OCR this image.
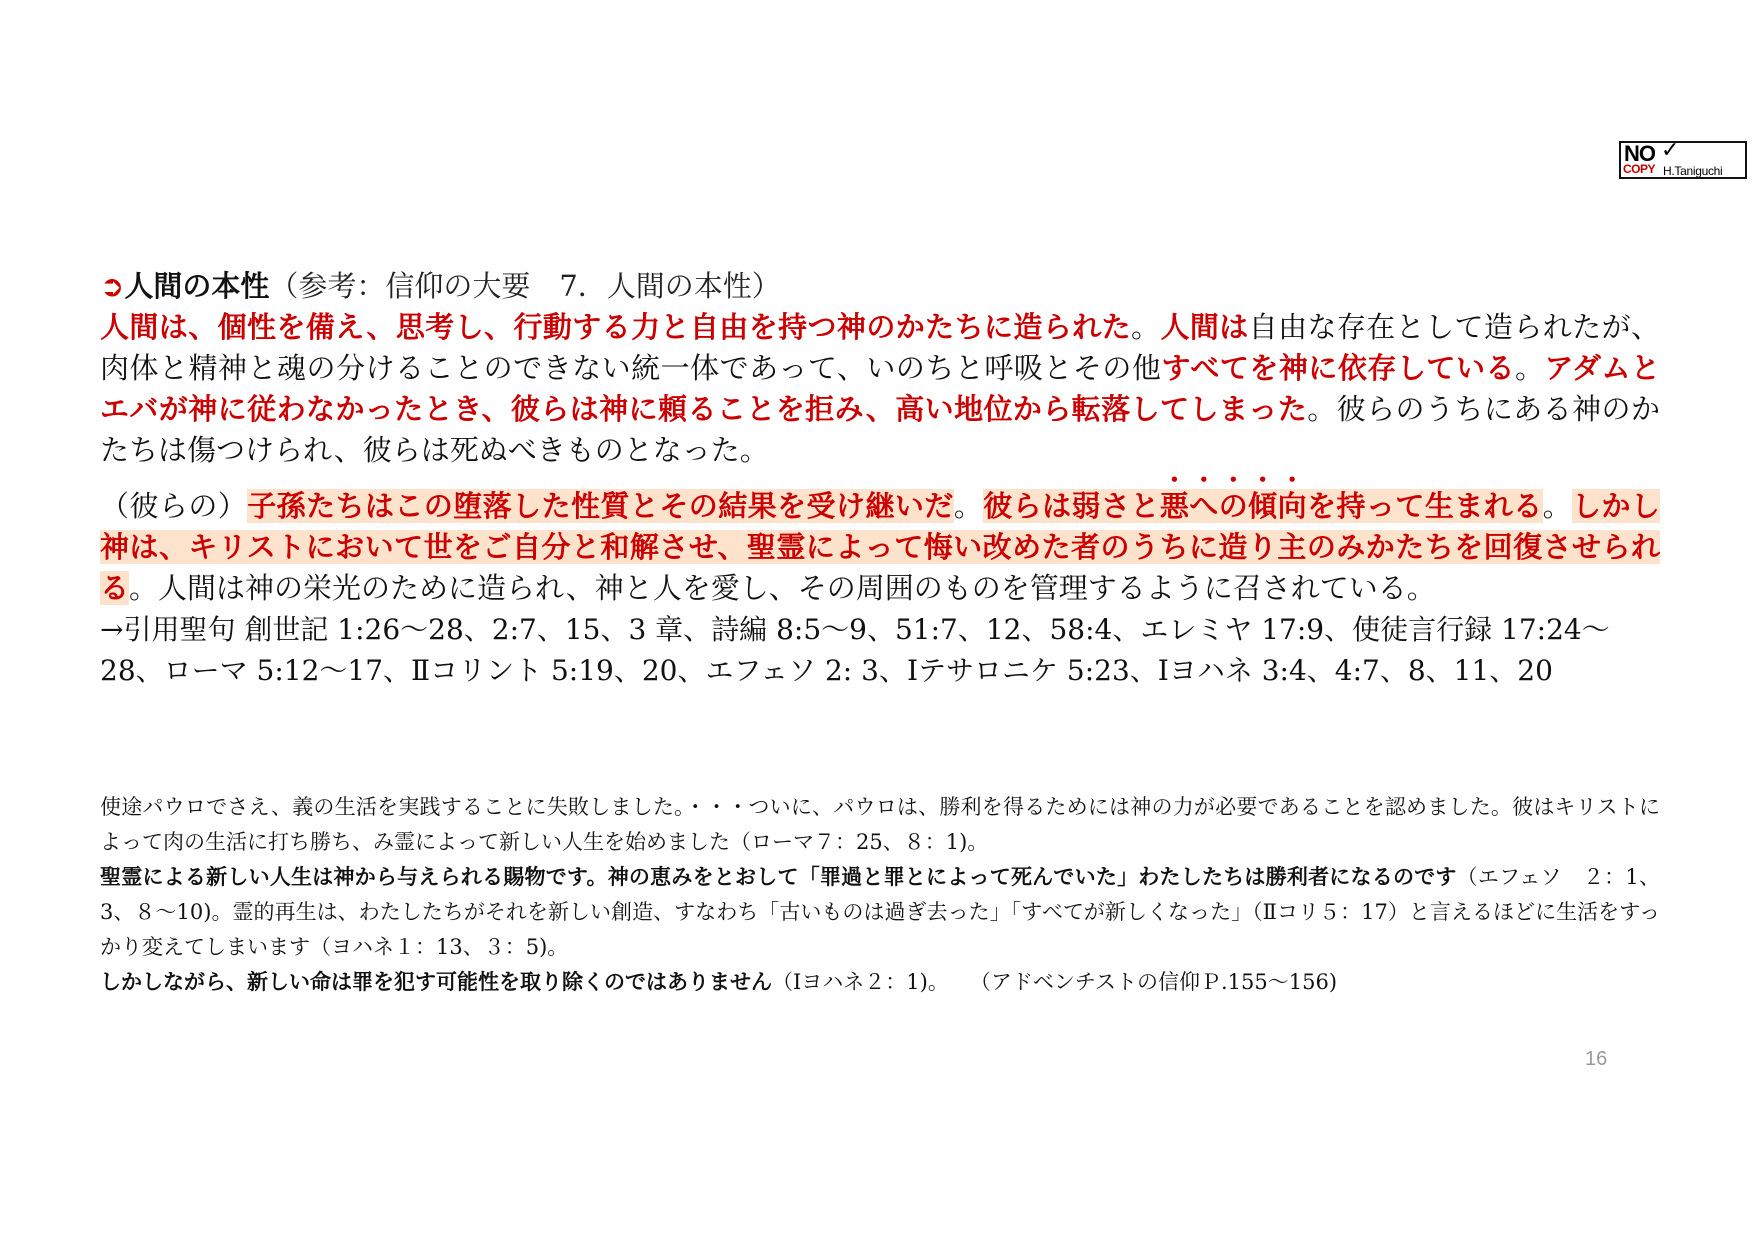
NO ✓
COPY H.Taniguchi
➲人間の本性（参考：信仰の大要　7．人間の本性）

人間は、個性を備え、思考し、行動する力と自由を持つ神のかたちに造られた。人間は自由な存在として造られたが、肉体と精神と魂の分けることのできない統一体であって、いのちと呼吸とその他すべてを神に依存している。アダムとエバが神に従わなかったとき、彼らは神に頼ることを拒み、高い地位から転落してしまった。彼らのうちにある神のかたちは傷つけられ、彼らは死ぬべきものとなった。
（彼らの）子孫たちはこの堕落した性質とその結果を受け継いだ。彼らは弱さと悪への傾向を持って生まれる。しかし神は、キリストにおいて世をご自分と和解させ、聖霊によって悔い改めた者のうちに造り主のみかたちを回復させられる。人間は神の栄光のために造られ、神と人を愛し、その周囲のものを管理するように召されている。

→引用聖句 創世記 1:26〜28、2:7、15、3 章、詩編 8:5〜9、51:7、12、58:4、エレミヤ 17:9、使徒言行録 17:24〜28、ローマ 5:12〜17、Ⅱコリント 5:19、20、エフェソ 2: 3、Ⅰテサロニケ 5:23、Ⅰヨハネ 3:4、4:7、8、11、20

使途パウロでさえ、義の生活を実践することに失敗しました。・・・ついに、パウロは、勝利を得るためには神の力が必要であることを認めました。彼はキリストによって肉の生活に打ち勝ち、み霊によって新しい人生を始めました（ローマ７：25、８：1)。

聖霊による新しい人生は神から与えられる賜物です。神の恵みをとおして「罪過と罪とによって死んでいた」わたしたちは勝利者になるのです（エフェソ　２：1、3、８〜10)。霊的再生は、わたしたちがそれを新しい創造、すなわち「古いものは過ぎ去った」「すべてが新しくなった」（Ⅱコリ５：17）と言えるほどに生活をすっかり変えてしまいます（ヨハネ１：13、３：5)。

しかしながら、新しい命は罪を犯す可能性を取り除くのではありません（Ⅰヨハネ２：1)。　　（アドベンチストの信仰Ｐ.155〜156)

16
